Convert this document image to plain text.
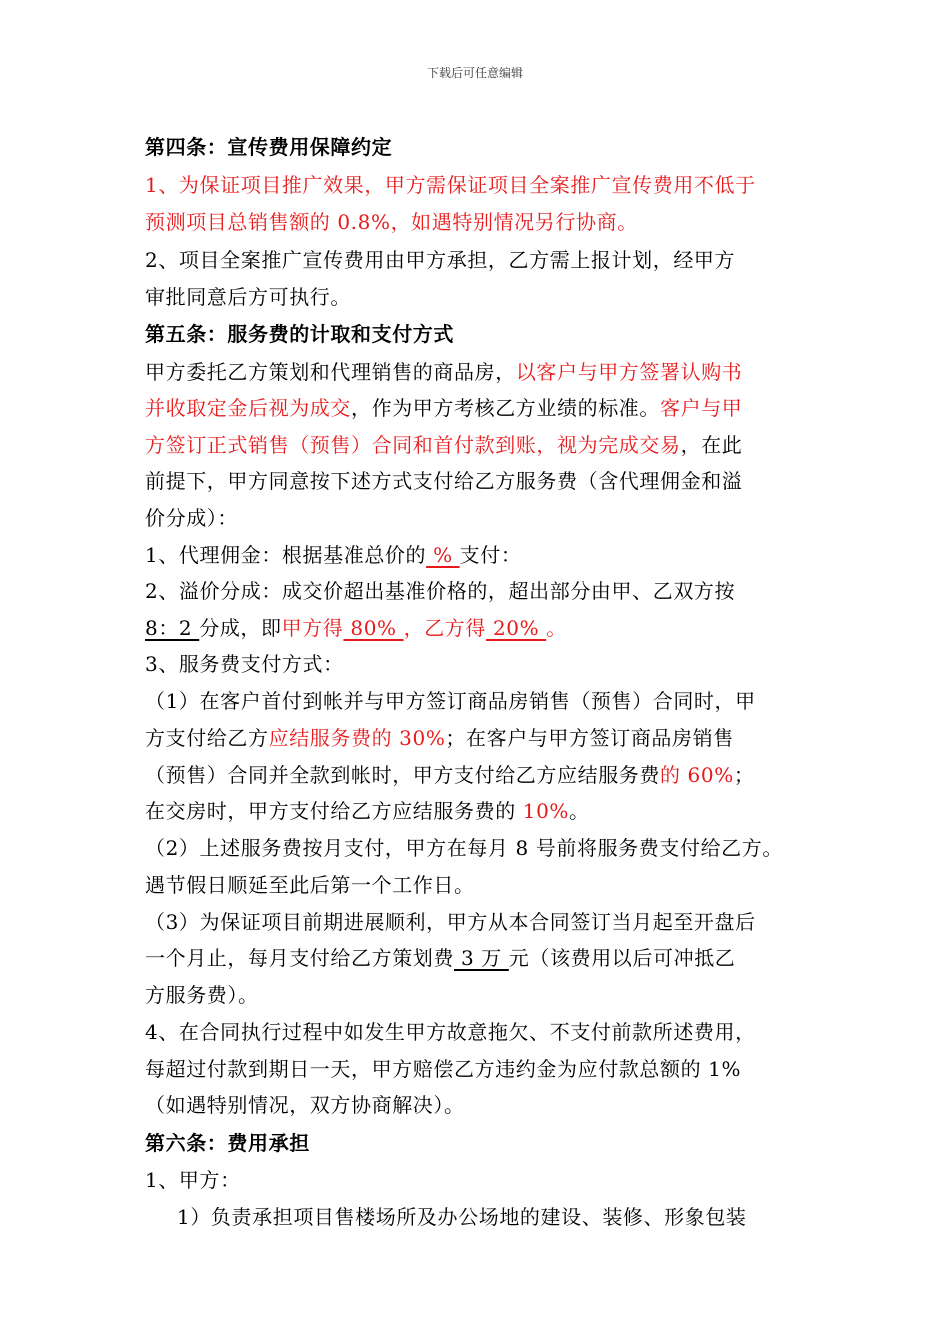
下载后可任意编辑
第四条：宣传费用保障约定
1、为保证项目推广效果，甲方需保证项目全案推广宣传费用不低于
预测项目总销售额的 0.8%，如遇特别情况另行协商。
2、项目全案推广宣传费用由甲方承担，乙方需上报计划，经甲方
审批同意后方可执行。
第五条：服务费的计取和支付方式
甲方委托乙方策划和代理销售的商品房，以客户与甲方签署认购书
并收取定金后视为成交，作为甲方考核乙方业绩的标准。客户与甲
方签订正式销售（预售）合同和首付款到账，视为完成交易，在此
前提下，甲方同意按下述方式支付给乙方服务费（含代理佣金和溢
价分成）：
1、代理佣金：根据基准总价的 % 支付：
2、溢价分成：成交价超出基准价格的，超出部分由甲、乙双方按
8：2 分成，即甲方得 80% ，乙方得 20% 。
3、服务费支付方式：
（1）在客户首付到帐并与甲方签订商品房销售（预售）合同时，甲
方支付给乙方应结服务费的 30%；在客户与甲方签订商品房销售
（预售）合同并全款到帐时，甲方支付给乙方应结服务费的 60%；
在交房时，甲方支付给乙方应结服务费的 10%。
（2）上述服务费按月支付，甲方在每月 8 号前将服务费支付给乙方。
遇节假日顺延至此后第一个工作日。
（3）为保证项目前期进展顺利，甲方从本合同签订当月起至开盘后
一个月止，每月支付给乙方策划费 3 万 元（该费用以后可冲抵乙
方服务费）。
4、在合同执行过程中如发生甲方故意拖欠、不支付前款所述费用，
每超过付款到期日一天，甲方赔偿乙方违约金为应付款总额的 1%
（如遇特别情况，双方协商解决）。
第六条：费用承担
1、甲方：
1）负责承担项目售楼场所及办公场地的建设、装修、形象包装
